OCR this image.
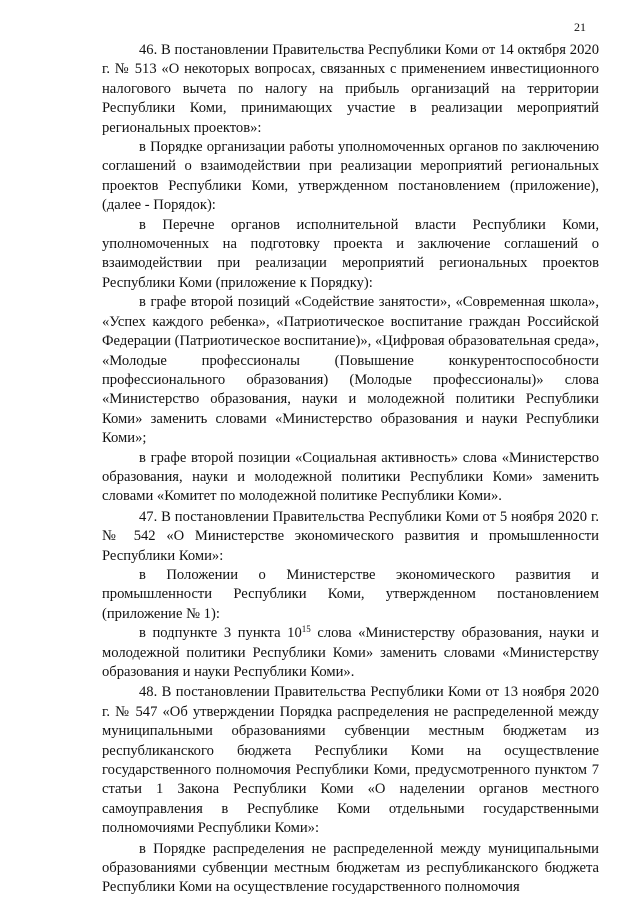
21

46. В постановлении Правительства Республики Коми от 14 октября 2020 г. № 513 «О некоторых вопросах, связанных с применением инвестиционного налогового вычета по налогу на прибыль организаций на территории Республики Коми, принимающих участие в реализации мероприятий региональных проектов»:

в Порядке организации работы уполномоченных органов по заключению соглашений о взаимодействии при реализации мероприятий региональных проектов Республики Коми, утвержденном постановлением (приложение), (далее - Порядок):

в Перечне органов исполнительной власти Республики Коми, уполномоченных на подготовку проекта и заключение соглашений о взаимодействии при реализации мероприятий региональных проектов Республики Коми (приложение к Порядку):

в графе второй позиций «Содействие занятости», «Современная школа», «Успех каждого ребенка», «Патриотическое воспитание граждан Российской Федерации (Патриотическое воспитание)», «Цифровая образовательная среда», «Молодые профессионалы (Повышение конкурентоспособности профессионального образования) (Молодые профессионалы)» слова «Министерство образования, науки и молодежной политики Республики Коми» заменить словами «Министерство образования и науки Республики Коми»;

в графе второй позиции «Социальная активность» слова «Министерство образования, науки и молодежной политики Республики Коми» заменить словами «Комитет по молодежной политике Республики Коми».

47. В постановлении Правительства Республики Коми от 5 ноября 2020 г. № 542 «О Министерстве экономического развития и промышленности Республики Коми»:

в Положении о Министерстве экономического развития и промышленности Республики Коми, утвержденном постановлением (приложение № 1):

в подпункте 3 пункта $10^{15}$ слова «Министерству образования, науки и молодежной политики Республики Коми» заменить словами «Министерству образования и науки Республики Коми».

48. В постановлении Правительства Республики Коми от 13 ноября 2020 г. № 547 «Об утверждении Порядка распределения не распределенной между муниципальными образованиями субвенции местным бюджетам из республиканского бюджета Республики Коми на осуществление государственного полномочия Республики Коми, предусмотренного пунктом 7 статьи 1 Закона Республики Коми «О наделении органов местного самоуправления в Республике Коми отдельными государственными полномочиями Республики Коми»:

в Порядке распределения не распределенной между муниципальными образованиями субвенции местным бюджетам из республиканского бюджета Республики Коми на осуществление государственного полномочия
